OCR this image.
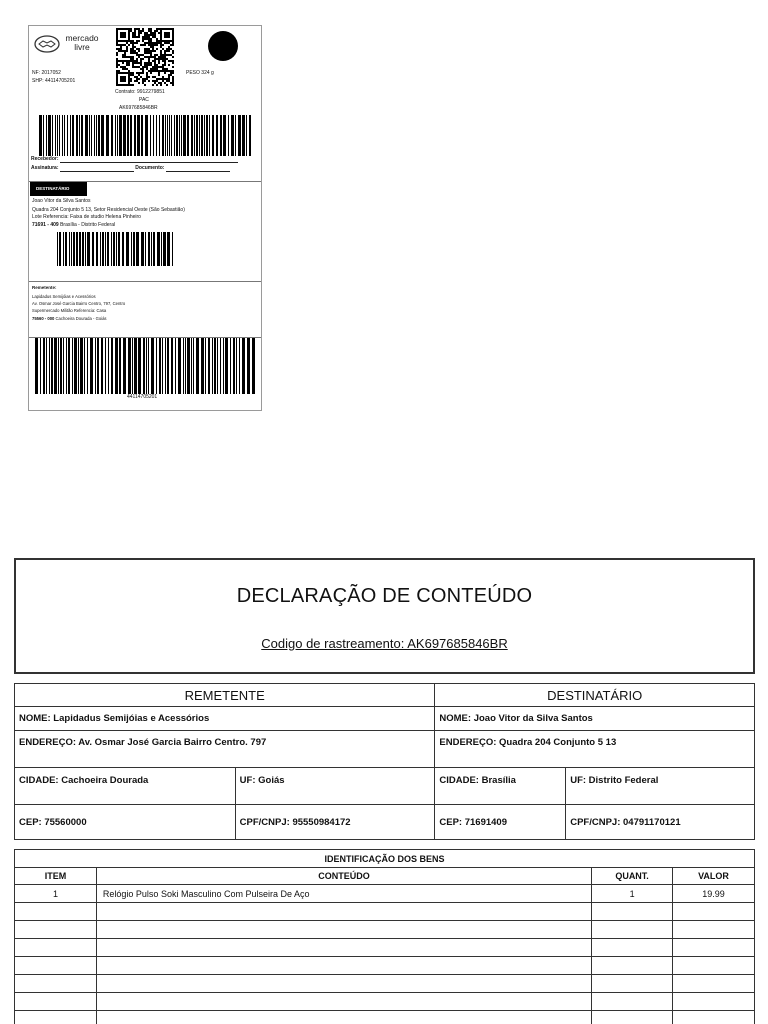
mercado
livre
NF: 2017052
SHP: 44114705201
PESO 324 g
Contrato: 9912279851
PAC
AK697685846BR
Recebedor:
Assinatura:	Documento:
DESTINATÁRIO
Joao Vitor da Silva Santos
Quadra 204 Conjunto 5 13, Setor Residencial Oeste (São Sebastião)
Lote Referencia: Faixa de studio Helena Pinheiro
71691 - 409 Brasília - Distrito Federal
Remetente:
Lapidadus Semijóias e Acessórios
Av. Osmar José Garcia Bairro Centro, 797, Centro
Supermercado Militão Referencia: Casa
75560 - 000 Cachoeira Dourada - Goiás
44114705201
DECLARAÇÃO DE CONTEÚDO
Codigo de rastreamento: AK697685846BR
REMETENTE		DESTINATÁRIO	
NOME: Lapidadus Semijóias e Acessórios		NOME: Joao Vitor da Silva Santos	
ENDEREÇO: Av. Osmar José Garcia Bairro Centro. 797		ENDEREÇO: Quadra 204 Conjunto 5 13	
CIDADE: Cachoeira Dourada	UF: Goiás	CIDADE: Brasília	UF: Distrito Federal
CEP: 75560000	CPF/CNPJ: 95550984172	CEP: 71691409	CPF/CNPJ: 04791170121
IDENTIFICAÇÃO DOS BENS			
ITEM	CONTEÚDO	QUANT.	VALOR
1	Relógio Pulso Soki Masculino Com Pulseira De Aço	1	19.99
